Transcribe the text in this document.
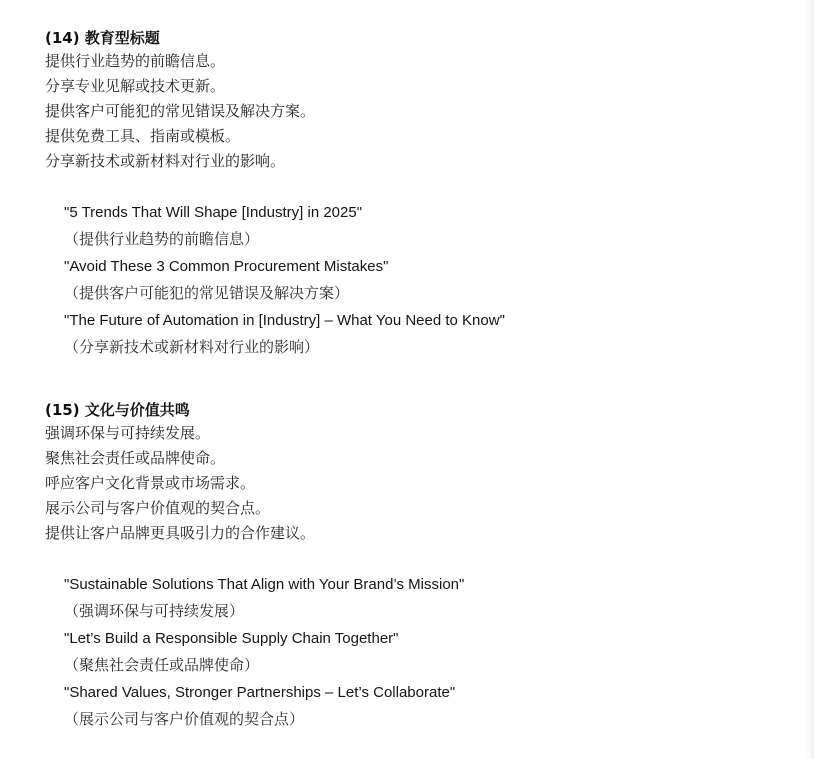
(14) 教育型标题
提供行业趋势的前瞻信息。
分享专业见解或技术更新。
提供客户可能犯的常见错误及解决方案。
提供免费工具、指南或模板。
分享新技术或新材料对行业的影响。
"5 Trends That Will Shape [Industry] in 2025"
（提供行业趋势的前瞻信息）
"Avoid These 3 Common Procurement Mistakes"
（提供客户可能犯的常见错误及解决方案）
"The Future of Automation in [Industry] – What You Need to Know"
（分享新技术或新材料对行业的影响）
(15) 文化与价值共鸣
强调环保与可持续发展。
聚焦社会责任或品牌使命。
呼应客户文化背景或市场需求。
展示公司与客户价值观的契合点。
提供让客户品牌更具吸引力的合作建议。
"Sustainable Solutions That Align with Your Brand’s Mission"
（强调环保与可持续发展）
"Let’s Build a Responsible Supply Chain Together"
（聚焦社会责任或品牌使命）
"Shared Values, Stronger Partnerships – Let’s Collaborate"
（展示公司与客户价值观的契合点）
